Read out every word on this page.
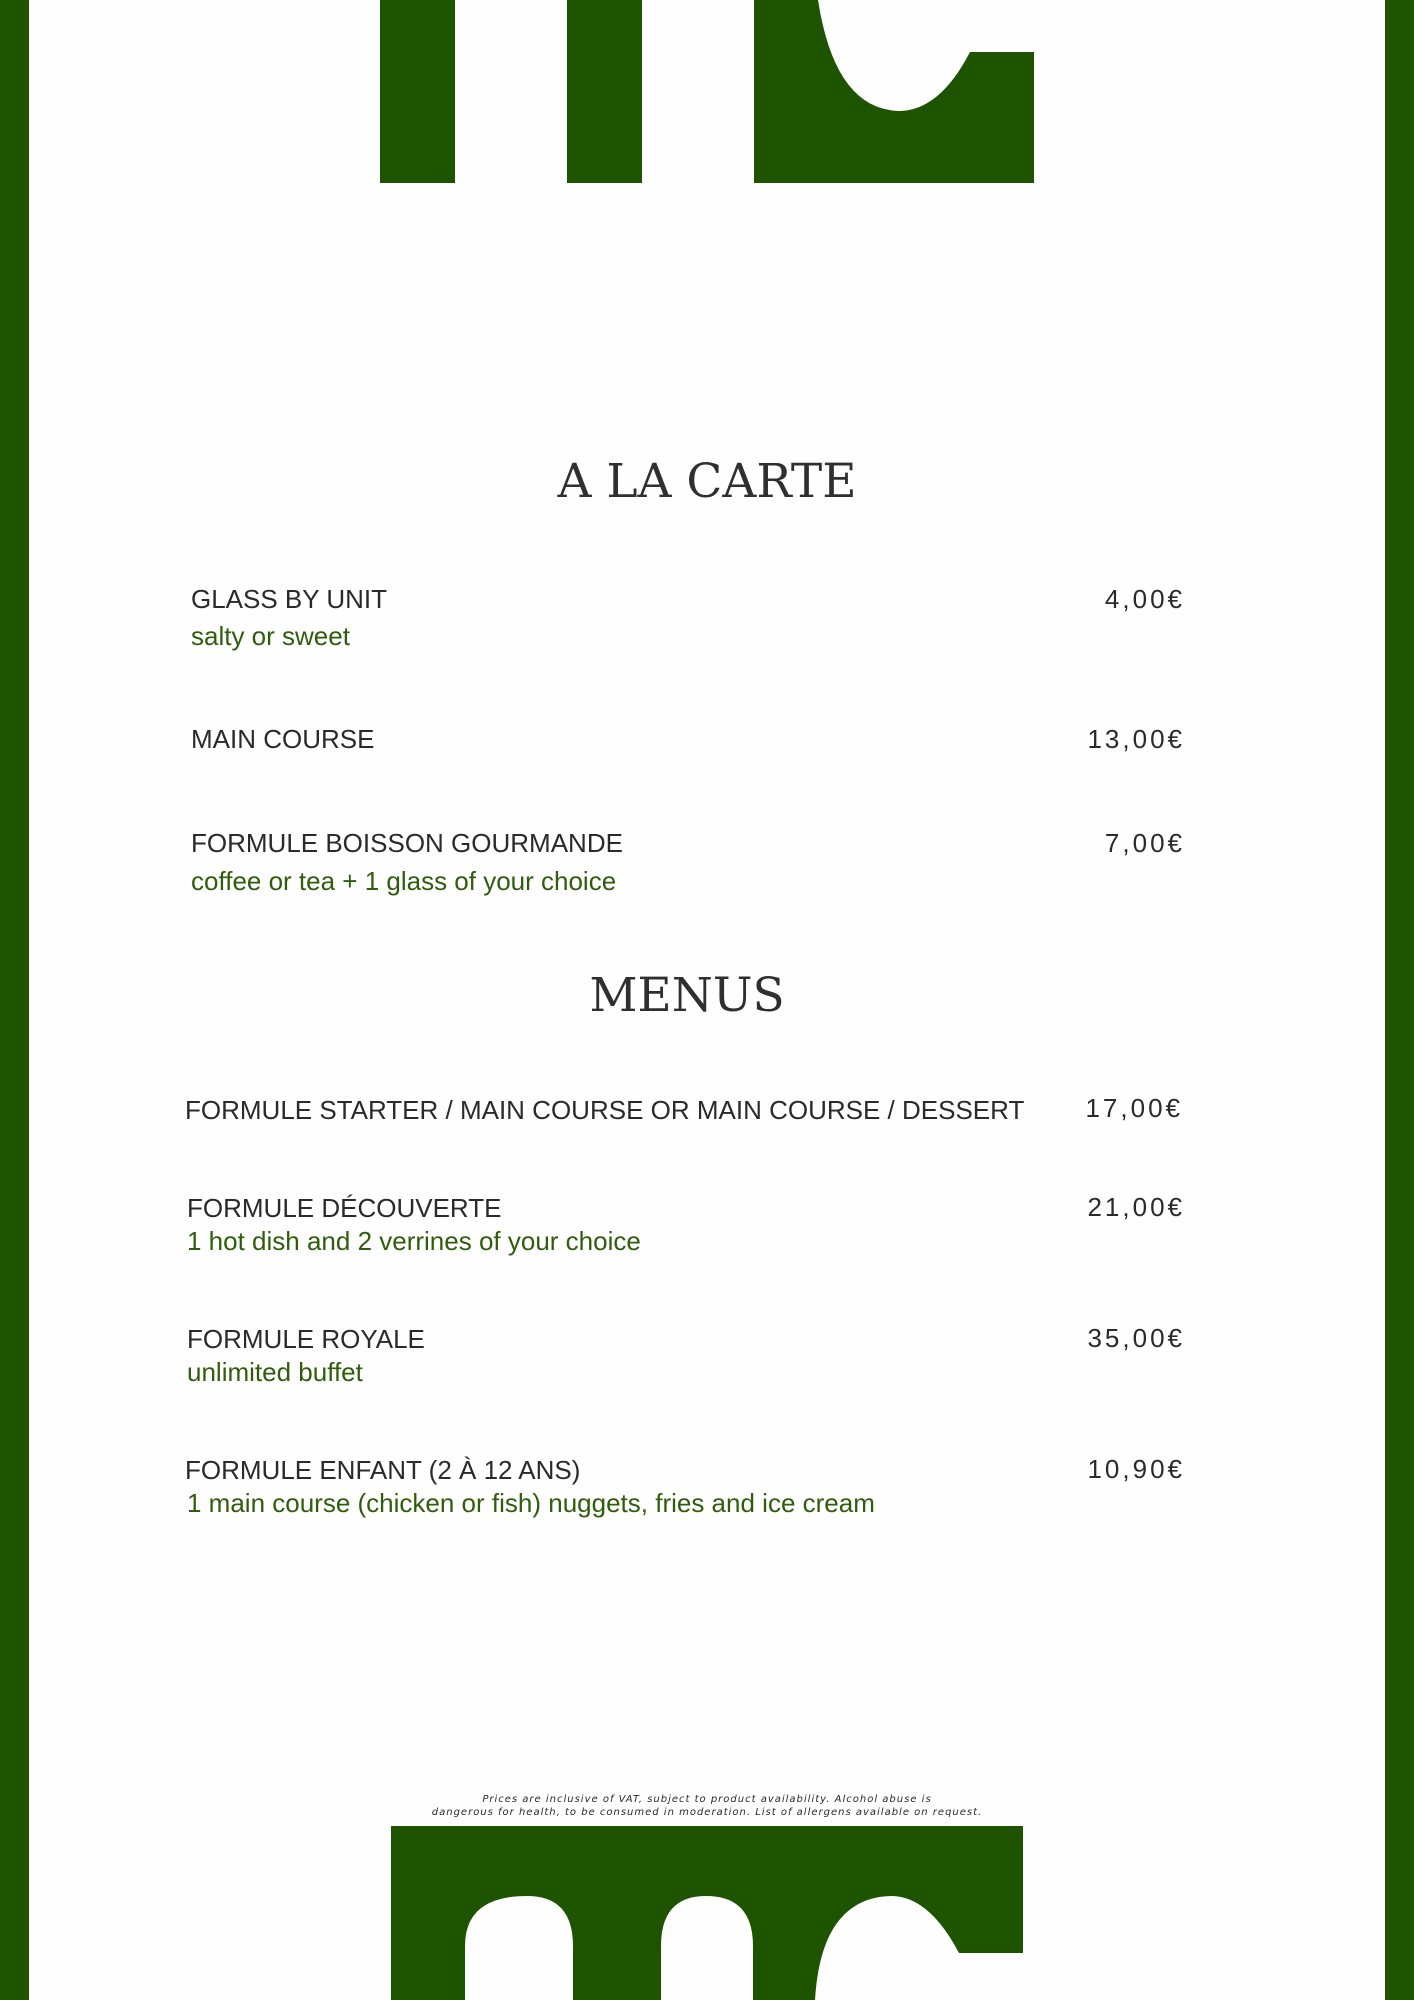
A LA CARTE
GLASS BY UNIT
salty or sweet
4,00€
MAIN COURSE	13,00€
FORMULE BOISSON GOURMANDE
coffee or tea + 1 glass of your choice
7,00€
MENUS
FORMULE STARTER / MAIN COURSE OR MAIN COURSE / DESSERT 17,00€
FORMULE DÉCOUVERTE
1 hot dish and 2 verrines of your choice
21,00€
FORMULE ROYALE
unlimited buffet
35,00€
FORMULE ENFANT (2 À 12 ANS)
1 main course (chicken or fish) nuggets, fries and ice cream
10,90€
Prices are inclusive of VAT, subject to product availability. Alcohol abuse is
dangerous for health, to be consumed in moderation. List of allergens available on request.
